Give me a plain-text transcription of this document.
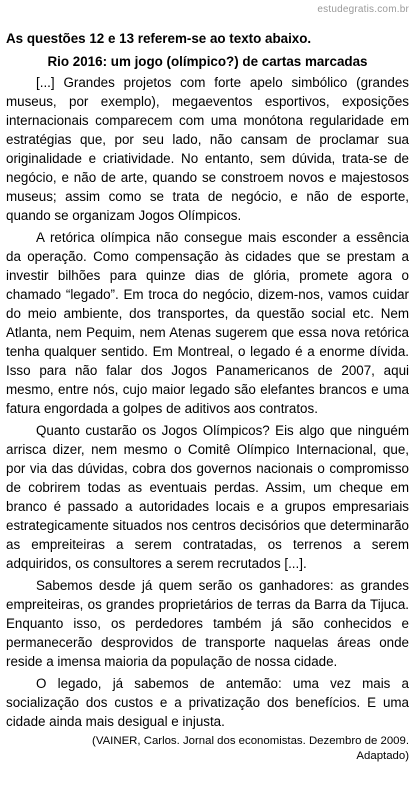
estudegratis.com.br

As questões 12 e 13 referem-se ao texto abaixo.

Rio 2016: um jogo (olímpico?) de cartas marcadas

[...] Grandes projetos com forte apelo simbólico (grandes museus, por exemplo), megaeventos esportivos, exposições internacionais comparecem com uma monótona regularidade em estratégias que, por seu lado, não cansam de proclamar sua originalidade e criatividade. No entanto, sem dúvida, trata-se de negócio, e não de arte, quando se constroem novos e majestosos museus; assim como se trata de negócio, e não de esporte, quando se organizam Jogos Olímpicos.

A retórica olímpica não consegue mais esconder a essência da operação. Como compensação às cidades que se prestam a investir bilhões para quinze dias de glória, promete agora o chamado “legado”. Em troca do negócio, dizem-nos, vamos cuidar do meio ambiente, dos transportes, da questão social etc. Nem Atlanta, nem Pequim, nem Atenas sugerem que essa nova retórica tenha qualquer sentido. Em Montreal, o legado é a enorme dívida. Isso para não falar dos Jogos Panamericanos de 2007, aqui mesmo, entre nós, cujo maior legado são elefantes brancos e uma fatura engordada a golpes de aditivos aos contratos.

Quanto custarão os Jogos Olímpicos? Eis algo que ninguém arrisca dizer, nem mesmo o Comitê Olímpico Internacional, que, por via das dúvidas, cobra dos governos nacionais o compromisso de cobrirem todas as eventuais perdas. Assim, um cheque em branco é passado a autoridades locais e a grupos empresariais estrategicamente situados nos centros decisórios que determinarão as empreiteiras a serem contratadas, os terrenos a serem adquiridos, os consultores a serem recrutados [...].

Sabemos desde já quem serão os ganhadores: as grandes empreiteiras, os grandes proprietários de terras da Barra da Tijuca. Enquanto isso, os perdedores também já são conhecidos e permanecerão desprovidos de transporte naquelas áreas onde reside a imensa maioria da população de nossa cidade.

O legado, já sabemos de antemão: uma vez mais a socialização dos custos e a privatização dos benefícios. E uma cidade ainda mais desigual e injusta.

(VAINER, Carlos. Jornal dos economistas. Dezembro de 2009. Adaptado)
